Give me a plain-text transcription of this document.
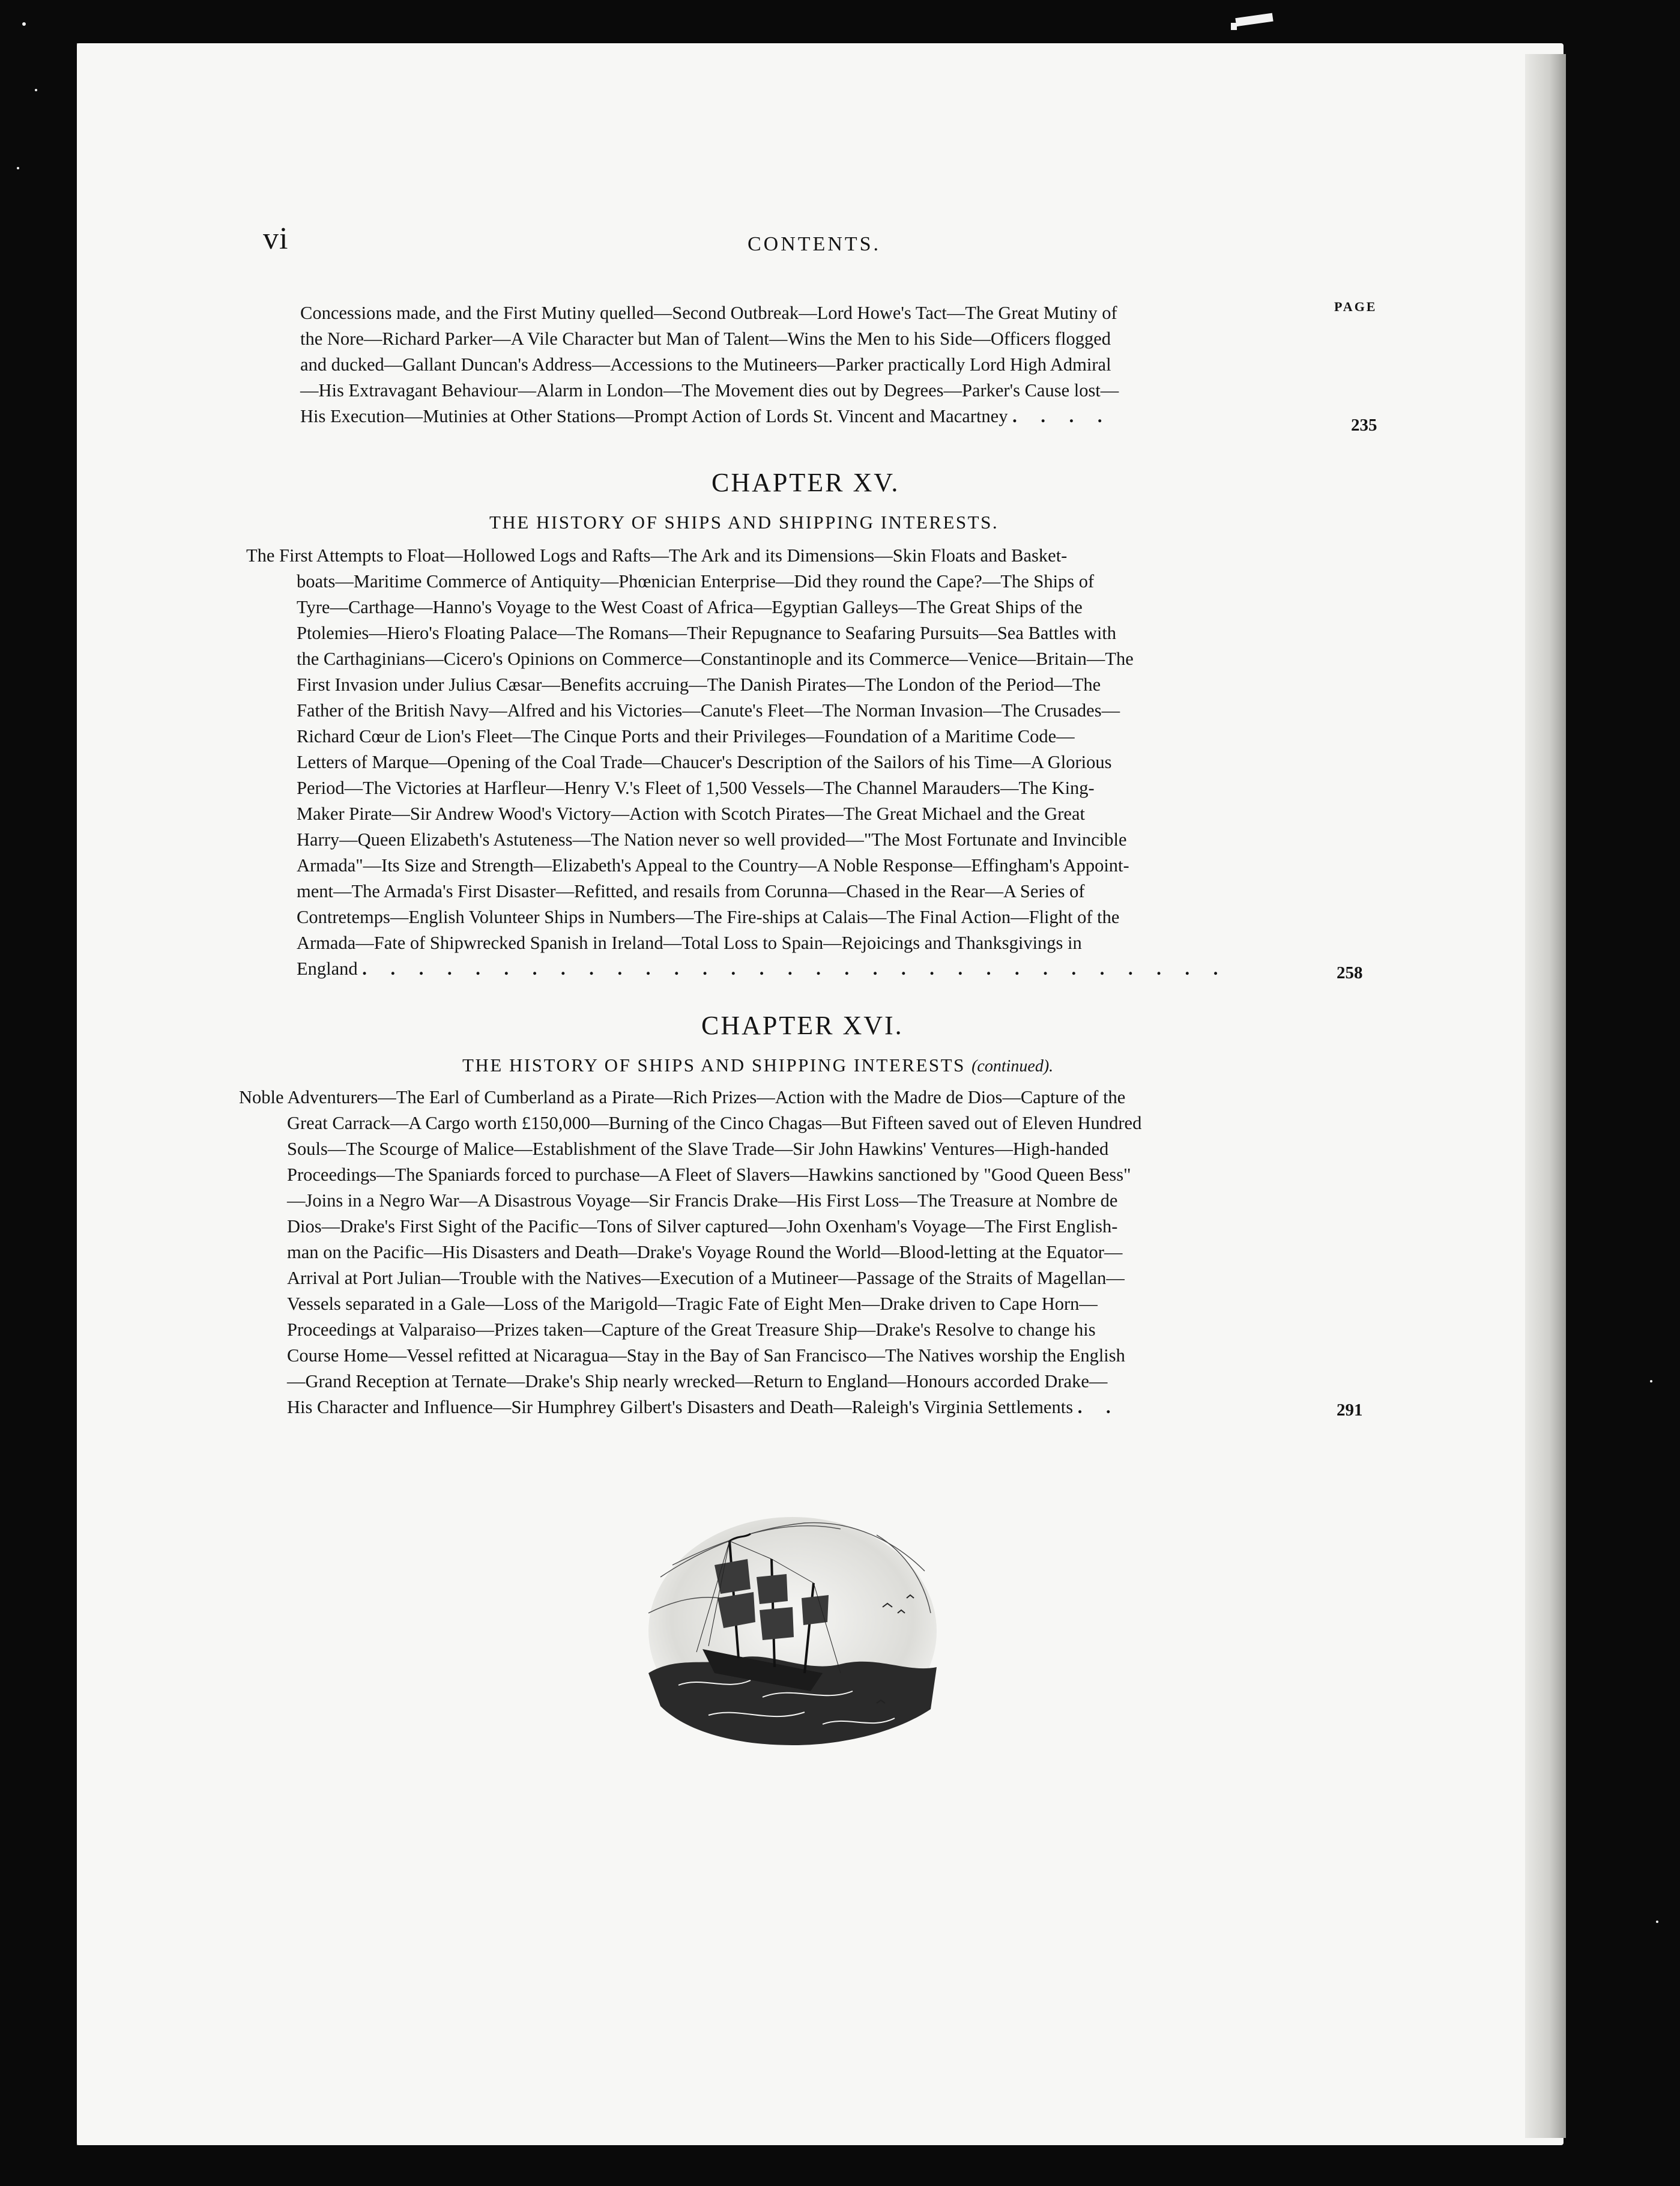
vi	CONTENTS.
PAGE
Concessions made, and the First Mutiny quelled—Second Outbreak—Lord Howe's Tact—The Great Mutiny of
the Nore—Richard Parker—A Vile Character but Man of Talent—Wins the Men to his Side—Officers flogged
and ducked—Gallant Duncan's Address—Accessions to the Mutineers—Parker practically Lord High Admiral
—His Extravagant Behaviour—Alarm in London—The Movement dies out by Degrees—Parker's Cause lost—
His Execution—Mutinies at Other Stations—Prompt Action of Lords St. Vincent and Macartney . . . .	235
CHAPTER XV.
THE HISTORY OF SHIPS AND SHIPPING INTERESTS.
The First Attempts to Float—Hollowed Logs and Rafts—The Ark and its Dimensions—Skin Floats and Basket-
boats—Maritime Commerce of Antiquity—Phœnician Enterprise—Did they round the Cape?—The Ships of
Tyre—Carthage—Hanno's Voyage to the West Coast of Africa—Egyptian Galleys—The Great Ships of the
Ptolemies—Hiero's Floating Palace—The Romans—Their Repugnance to Seafaring Pursuits—Sea Battles with
the Carthaginians—Cicero's Opinions on Commerce—Constantinople and its Commerce—Venice—Britain—The
First Invasion under Julius Cæsar—Benefits accruing—The Danish Pirates—The London of the Period—The
Father of the British Navy—Alfred and his Victories—Canute's Fleet—The Norman Invasion—The Crusades—
Richard Cœur de Lion's Fleet—The Cinque Ports and their Privileges—Foundation of a Maritime Code—
Letters of Marque—Opening of the Coal Trade—Chaucer's Description of the Sailors of his Time—A Glorious
Period—The Victories at Harfleur—Henry V.'s Fleet of 1,500 Vessels—The Channel Marauders—The King-
Maker Pirate—Sir Andrew Wood's Victory—Action with Scotch Pirates—The Great Michael and the Great
Harry—Queen Elizabeth's Astuteness—The Nation never so well provided—"The Most Fortunate and Invincible
Armada"—Its Size and Strength—Elizabeth's Appeal to the Country—A Noble Response—Effingham's Appoint-
ment—The Armada's First Disaster—Refitted, and resails from Corunna—Chased in the Rear—A Series of
Contretemps—English Volunteer Ships in Numbers—The Fire-ships at Calais—The Final Action—Flight of the
Armada—Fate of Shipwrecked Spanish in Ireland—Total Loss to Spain—Rejoicings and Thanksgivings in
England . . . . . . . . . . . . . . . . . . . . . . . . . . . . . . .	258
CHAPTER XVI.
THE HISTORY OF SHIPS AND SHIPPING INTERESTS (continued).
Noble Adventurers—The Earl of Cumberland as a Pirate—Rich Prizes—Action with the Madre de Dios—Capture of the
Great Carrack—A Cargo worth £150,000—Burning of the Cinco Chagas—But Fifteen saved out of Eleven Hundred
Souls—The Scourge of Malice—Establishment of the Slave Trade—Sir John Hawkins' Ventures—High-handed
Proceedings—The Spaniards forced to purchase—A Fleet of Slavers—Hawkins sanctioned by "Good Queen Bess"
—Joins in a Negro War—A Disastrous Voyage—Sir Francis Drake—His First Loss—The Treasure at Nombre de
Dios—Drake's First Sight of the Pacific—Tons of Silver captured—John Oxenham's Voyage—The First English-
man on the Pacific—His Disasters and Death—Drake's Voyage Round the World—Blood-letting at the Equator—
Arrival at Port Julian—Trouble with the Natives—Execution of a Mutineer—Passage of the Straits of Magellan—
Vessels separated in a Gale—Loss of the Marigold—Tragic Fate of Eight Men—Drake driven to Cape Horn—
Proceedings at Valparaiso—Prizes taken—Capture of the Great Treasure Ship—Drake's Resolve to change his
Course Home—Vessel refitted at Nicaragua—Stay in the Bay of San Francisco—The Natives worship the English
—Grand Reception at Ternate—Drake's Ship nearly wrecked—Return to England—Honours accorded Drake—
His Character and Influence—Sir Humphrey Gilbert's Disasters and Death—Raleigh's Virginia Settlements . .	291
